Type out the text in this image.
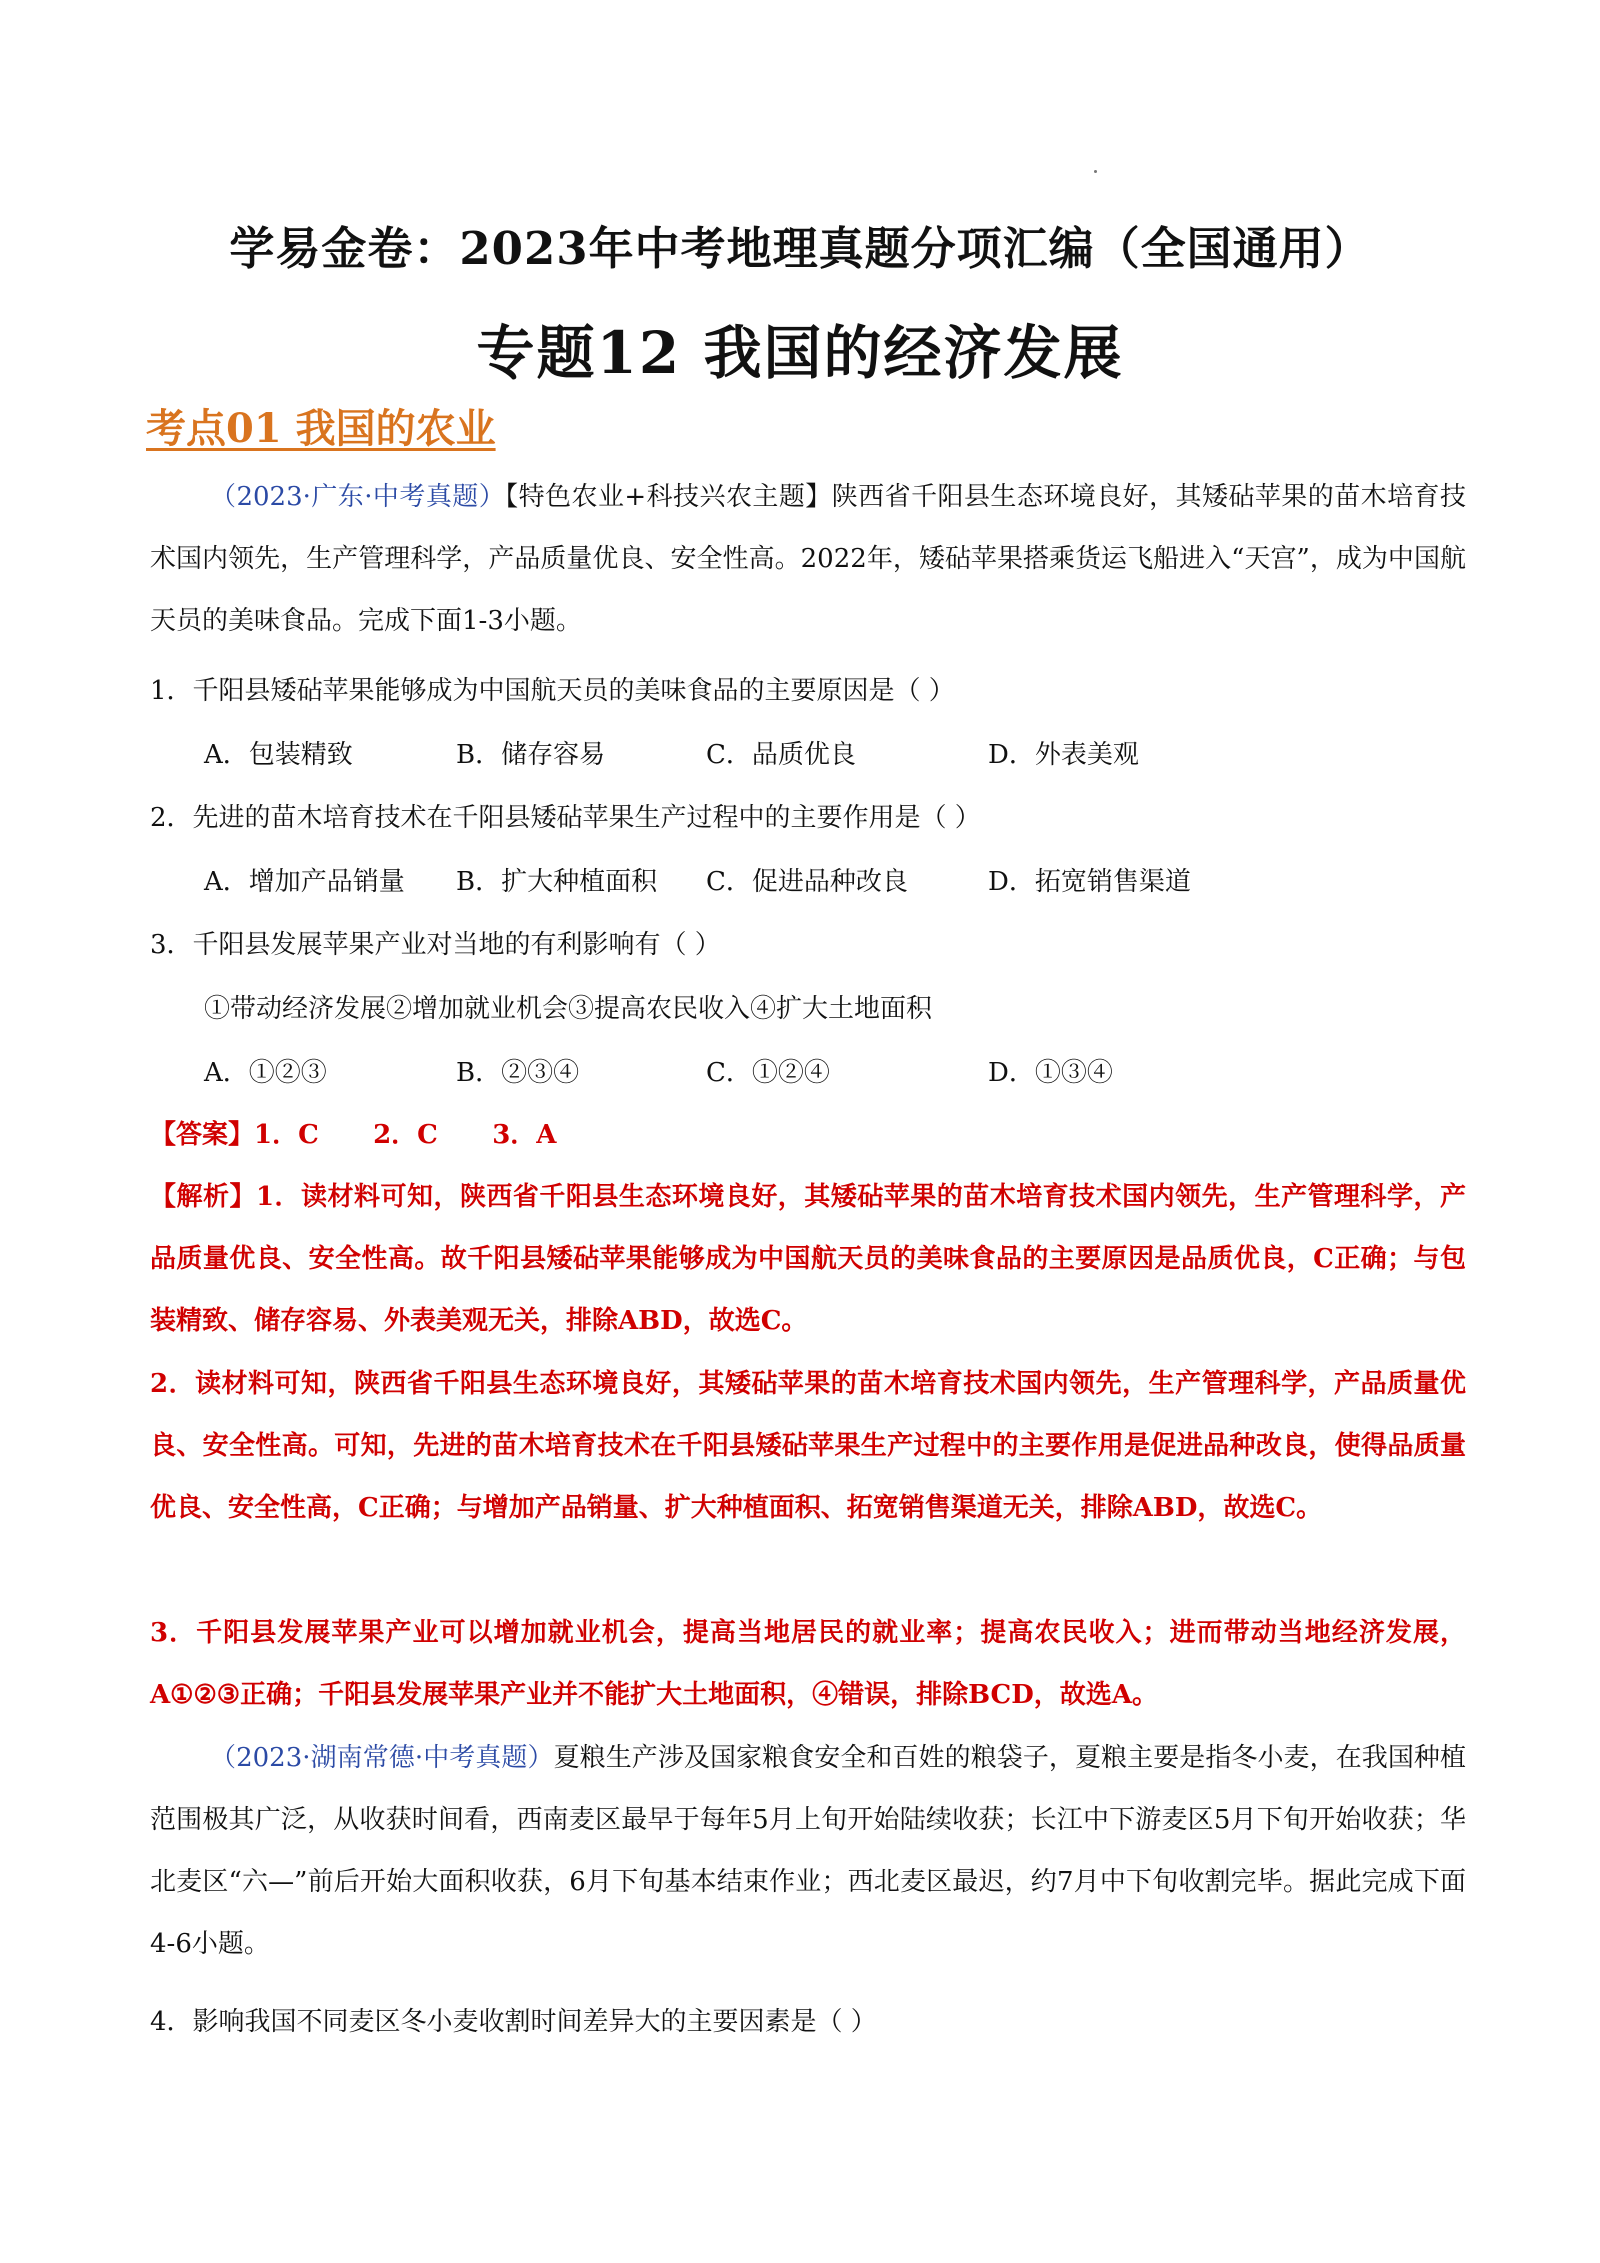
学易金卷：2023年中考地理真题分项汇编（全国通用）
专题12 我国的经济发展
考点01 我国的农业
（2023·广东·中考真题）【特色农业+科技兴农主题】陕西省千阳县生态环境良好，其矮砧苹果的苗木培育技术国内领先，生产管理科学，产品质量优良、安全性高。2022年，矮砧苹果搭乘货运飞船进入“天宫”，成为中国航天员的美味食品。完成下面1-3小题。
1．千阳县矮砧苹果能够成为中国航天员的美味食品的主要原因是（ ）
A．包装精致	B．储存容易	C．品质优良	D．外表美观
2．先进的苗木培育技术在千阳县矮砧苹果生产过程中的主要作用是（ ）
A．增加产品销量 B．扩大种植面积 C．促进品种改良	D．拓宽销售渠道
3．千阳县发展苹果产业对当地的有利影响有（ ）
①带动经济发展②增加就业机会③提高农民收入④扩大土地面积
A．①②③	B．②③④	C．①②④	D．①③④
【答案】1．C      2．C      3．A
【解析】1．读材料可知，陕西省千阳县生态环境良好，其矮砧苹果的苗木培育技术国内领先，生产管理科学，产品质量优良、安全性高。故千阳县矮砧苹果能够成为中国航天员的美味食品的主要原因是品质优良，C正确；与包装精致、储存容易、外表美观无关，排除ABD，故选C。
2．读材料可知，陕西省千阳县生态环境良好，其矮砧苹果的苗木培育技术国内领先，生产管理科学，产品质量优良、安全性高。可知，先进的苗木培育技术在千阳县矮砧苹果生产过程中的主要作用是促进品种改良，使得品质量优良、安全性高，C正确；与增加产品销量、扩大种植面积、拓宽销售渠道无关，排除ABD，故选C。
3．千阳县发展苹果产业可以增加就业机会，提高当地居民的就业率；提高农民收入；进而带动当地经济发展，A①②③正确；千阳县发展苹果产业并不能扩大土地面积，④错误，排除BCD，故选A。
（2023·湖南常德·中考真题）夏粮生产涉及国家粮食安全和百姓的粮袋子，夏粮主要是指冬小麦，在我国种植范围极其广泛，从收获时间看，西南麦区最早于每年5月上旬开始陆续收获；长江中下游麦区5月下旬开始收获；华北麦区“六—”前后开始大面积收获，6月下旬基本结束作业；西北麦区最迟，约7月中下旬收割完毕。据此完成下面4-6小题。
4．影响我国不同麦区冬小麦收割时间差异大的主要因素是（ ）
